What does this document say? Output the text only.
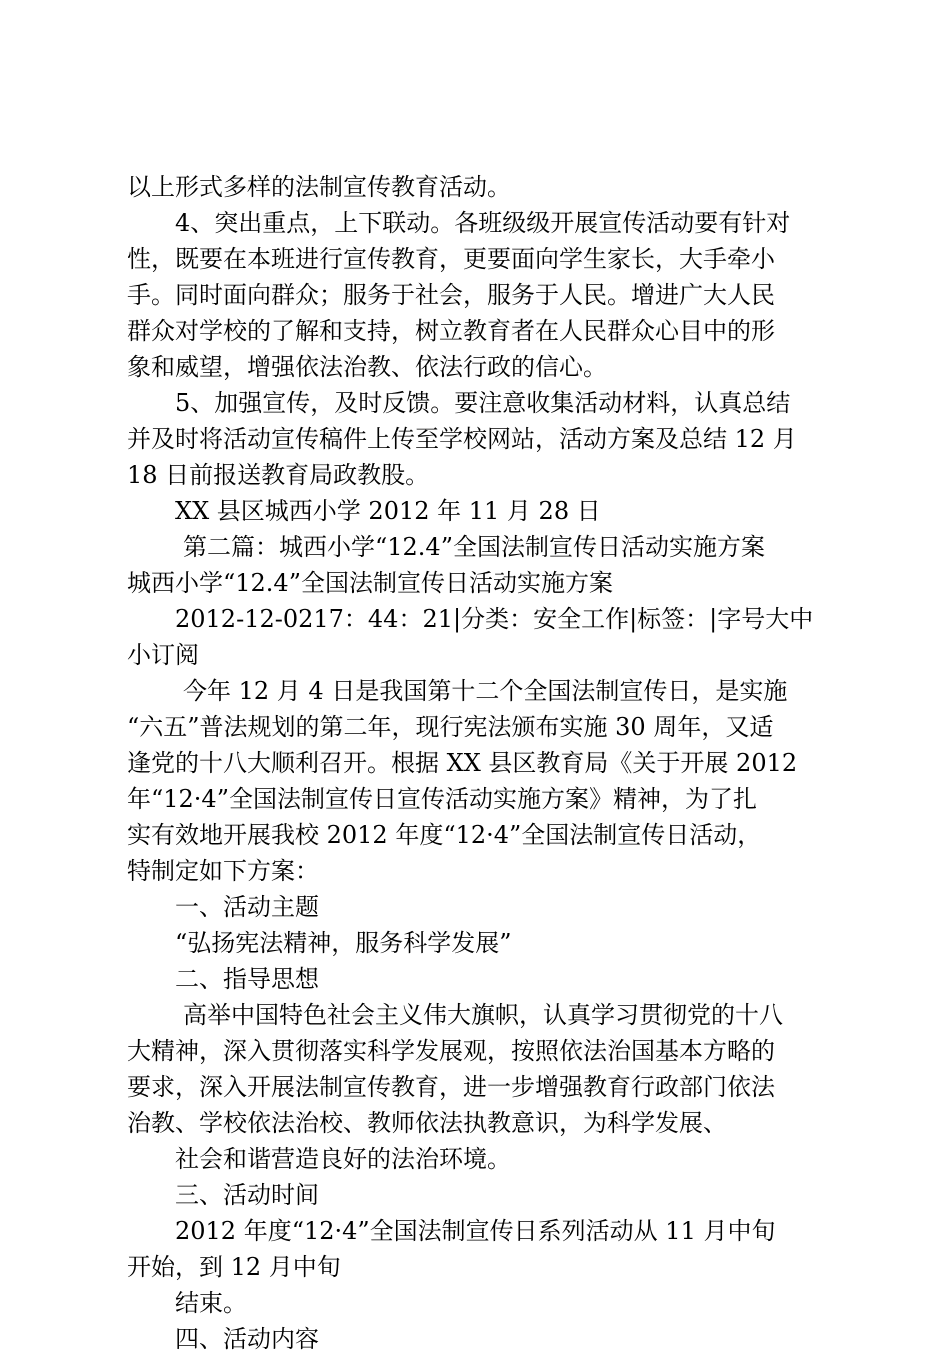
以上形式多样的法制宣传教育活动。
4、突出重点，上下联动。各班级级开展宣传活动要有针对
性，既要在本班进行宣传教育，更要面向学生家长，大手牵小
手。同时面向群众；服务于社会，服务于人民。增进广大人民
群众对学校的了解和支持，树立教育者在人民群众心目中的形
象和威望，增强依法治教、依法行政的信心。
5、加强宣传，及时反馈。要注意收集活动材料，认真总结
并及时将活动宣传稿件上传至学校网站，活动方案及总结 12 月
18 日前报送教育局政教股。
XX 县区城西小学 2012 年 11 月 28 日
第二篇：城西小学“12.4”全国法制宣传日活动实施方案
城西小学“12.4”全国法制宣传日活动实施方案
2012-12-0217：44：21|分类：安全工作|标签：|字号大中
小订阅
今年 12 月 4 日是我国第十二个全国法制宣传日，是实施
“六五”普法规划的第二年，现行宪法颁布实施 30 周年，又适
逢党的十八大顺利召开。根据 XX 县区教育局《关于开展 2012
年“12·4”全国法制宣传日宣传活动实施方案》精神，为了扎
实有效地开展我校 2012 年度“12·4”全国法制宣传日活动，
特制定如下方案：
一、活动主题
“弘扬宪法精神，服务科学发展”
二、指导思想
高举中国特色社会主义伟大旗帜，认真学习贯彻党的十八
大精神，深入贯彻落实科学发展观，按照依法治国基本方略的
要求，深入开展法制宣传教育，进一步增强教育行政部门依法
治教、学校依法治校、教师依法执教意识，为科学发展、
社会和谐营造良好的法治环境。
三、活动时间
2012 年度“12·4”全国法制宣传日系列活动从 11 月中旬
开始，到 12 月中旬
结束。
四、活动内容
